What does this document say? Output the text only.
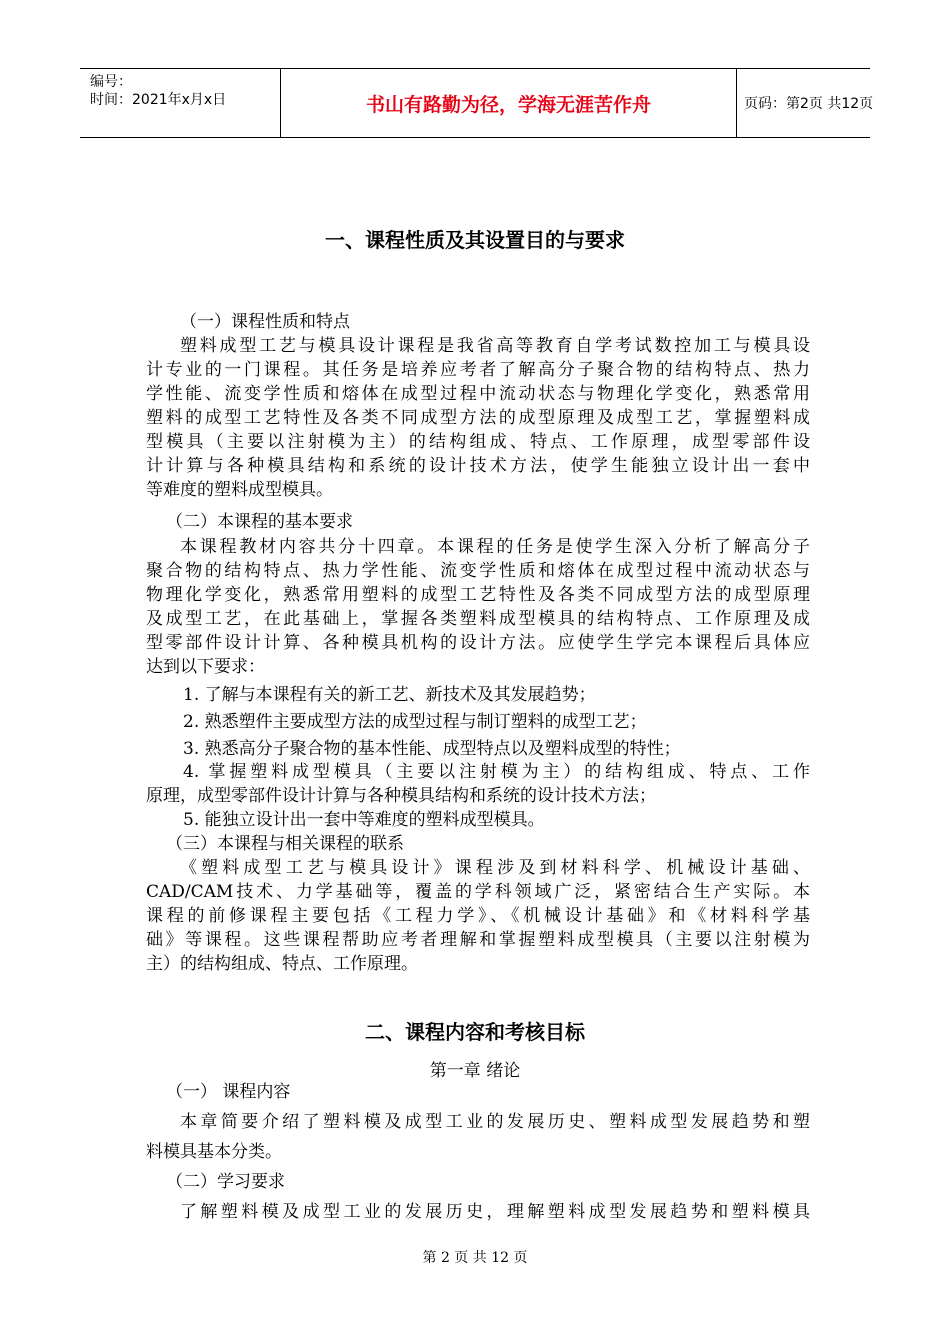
编号：
时间：2021年x月x日	书山有路勤为径，学海无涯苦作舟	页码：第2页 共12页
一、课程性质及其设置目的与要求
（一）课程性质和特点
塑料成型工艺与模具设计课程是我省高等教育自学考试数控加工与模具设
计专业的一门课程。其任务是培养应考者了解高分子聚合物的结构特点、热力
学性能、流变学性质和熔体在成型过程中流动状态与物理化学变化，熟悉常用
塑料的成型工艺特性及各类不同成型方法的成型原理及成型工艺，掌握塑料成
型模具（主要以注射模为主）的结构组成、特点、工作原理，成型零部件设
计计算与各种模具结构和系统的设计技术方法，使学生能独立设计出一套中
等难度的塑料成型模具。
（二）本课程的基本要求
本课程教材内容共分十四章。本课程的任务是使学生深入分析了解高分子
聚合物的结构特点、热力学性能、流变学性质和熔体在成型过程中流动状态与
物理化学变化，熟悉常用塑料的成型工艺特性及各类不同成型方法的成型原理
及成型工艺，在此基础上，掌握各类塑料成型模具的结构特点、工作原理及成
型零部件设计计算、各种模具机构的设计方法。应使学生学完本课程后具体应
达到以下要求：
1. 了解与本课程有关的新工艺、新技术及其发展趋势；
2. 熟悉塑件主要成型方法的成型过程与制订塑料的成型工艺；
3. 熟悉高分子聚合物的基本性能、成型特点以及塑料成型的特性；
4. 掌握塑料成型模具（主要以注射模为主）的结构组成、特点、工作
原理，成型零部件设计计算与各种模具结构和系统的设计技术方法；
5. 能独立设计出一套中等难度的塑料成型模具。
（三）本课程与相关课程的联系
《塑料成型工艺与模具设计》课程涉及到材料科学、机械设计基础、
CAD/CAM技术、力学基础等，覆盖的学科领域广泛，紧密结合生产实际。本
课程的前修课程主要包括《工程力学》、《机械设计基础》和《材料科学基
础》等课程。这些课程帮助应考者理解和掌握塑料成型模具（主要以注射模为
主）的结构组成、特点、工作原理。
二、课程内容和考核目标
第一章 绪论
（一） 课程内容
本章简要介绍了塑料模及成型工业的发展历史、塑料成型发展趋势和塑
料模具基本分类。
（二）学习要求
了解塑料模及成型工业的发展历史，理解塑料成型发展趋势和塑料模具
第 2 页 共 12 页
